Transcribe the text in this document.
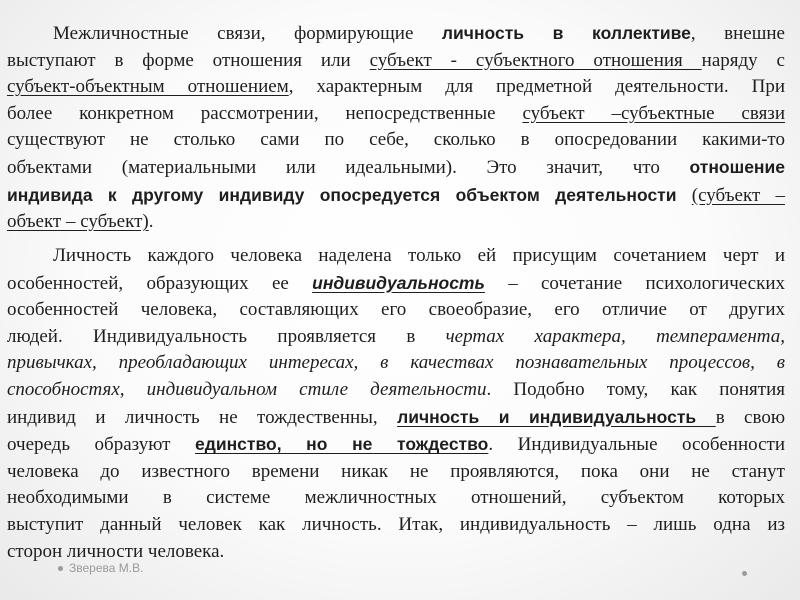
Межличностные связи, формирующие личность в коллективе, внешне
выступают в форме отношения или субъект - субъектного отношения наряду с
субъект-объектным отношением, характерным для предметной деятельности. При
более конкретном рассмотрении, непосредственные субъект –субъектные связи
существуют не столько сами по себе, сколько в опосредовании какими-то
объектами (материальными или идеальными). Это значит, что отношение
индивида к другому индивиду опосредуется объектом деятельности (субъект –
объект – субъект).
Личность каждого человека наделена только ей присущим сочетанием черт и
особенностей, образующих ее индивидуальность – сочетание психологических
особенностей человека, составляющих его своеобразие, его отличие от других
людей. Индивидуальность проявляется в чертах характера, темперамента,
привычках, преобладающих интересах, в качествах познавательных процессов, в
способностях, индивидуальном стиле деятельности. Подобно тому, как понятия
индивид и личность не тождественны, личность и индивидуальность в свою
очередь образуют единство, но не тождество. Индивидуальные особенности
человека до известного времени никак не проявляются, пока они не станут
необходимыми в системе межличностных отношений, субъектом которых
выступит данный человек как личность. Итак, индивидуальность – лишь одна из
сторон личности человека.
Зверева М.В.
